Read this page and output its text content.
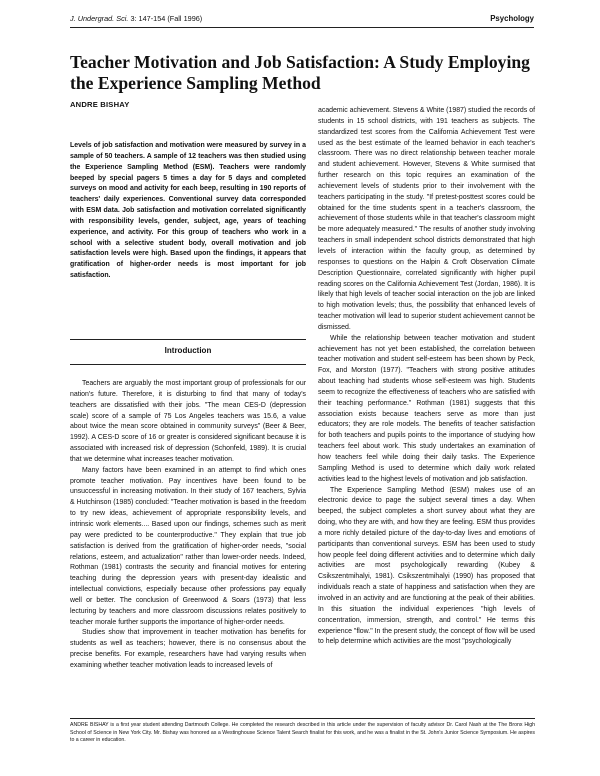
J. Undergrad. Sci. 3: 147-154 (Fall 1996)	Psychology
Teacher Motivation and Job Satisfaction: A Study Employing the Experience Sampling Method
ANDRE BISHAY

Levels of job satisfaction and motivation were measured by survey in a sample of 50 teachers. A sample of 12 teachers was then studied using the Experience Sampling Method (ESM). Teachers were randomly beeped by special pagers 5 times a day for 5 days and completed surveys on mood and activity for each beep, resulting in 190 reports of teachers' daily experiences. Conventional survey data corresponded with ESM data. Job satisfaction and motivation correlated significantly with responsibility levels, gender, subject, age, years of teaching experience, and activity. For this group of teachers who work in a school with a selective student body, overall motivation and job satisfaction levels were high. Based upon the findings, it appears that gratification of higher-order needs is most important for job satisfaction.

Introduction

Teachers are arguably the most important group of professionals for our nation's future. Therefore, it is disturbing to find that many of today's teachers are dissatisfied with their jobs. "The mean CES-D (depression scale) score of a sample of 75 Los Angeles teachers was 15.6, a value about twice the mean score obtained in community surveys" (Beer & Beer, 1992). A CES-D score of 16 or greater is considered significant because it is associated with increased risk of depression (Schonfeld, 1989). It is crucial that we determine what increases teacher motivation.

Many factors have been examined in an attempt to find which ones promote teacher motivation. Pay incentives have been found to be unsuccessful in increasing motivation. In their study of 167 teachers, Sylvia & Hutchinson (1985) concluded: "Teacher motivation is based in the freedom to try new ideas, achievement of appropriate responsibility levels, and intrinsic work elements.... Based upon our findings, schemes such as merit pay were predicted to be counterproductive." They explain that true job satisfaction is derived from the gratification of higher-order needs, "social relations, esteem, and actualization" rather than lower-order needs. Indeed, Rothman (1981) contrasts the security and financial motives for entering teaching during the depression years with present-day idealistic and intellectual convictions, especially because other professions pay equally well or better. The conclusion of Greenwood & Soars (1973) that less lecturing by teachers and more classroom discussions relates positively to teacher morale further supports the importance of higher-order needs.

Studies show that improvement in teacher motivation has benefits for students as well as teachers; however, there is no consensus about the precise benefits. For example, researchers have had varying results when examining whether teacher motivation leads to increased levels of

academic achievement. Stevens & White (1987) studied the records of students in 15 school districts, with 191 teachers as subjects. The standardized test scores from the California Achievement Test were used as the best estimate of the learned behavior in each teacher's classroom. There was no direct relationship between teacher morale and student achievement. However, Stevens & White surmised that further research on this topic requires an examination of the achievement levels of students prior to their involvement with the teachers participating in the study. "If pretest-posttest scores could be obtained for the time students spent in a teacher's classroom, the achievement of those students while in that teacher's classroom might be more adequately measured." The results of another study involving teachers in small independent school districts demonstrated that high levels of interaction within the faculty group, as determined by responses to questions on the Halpin & Croft Observation Climate Description Questionnaire, correlated significantly with higher pupil reading scores on the California Achievement Test (Jordan, 1986). It is likely that high levels of teacher social interaction on the job are linked to high motivation levels; thus, the possibility that enhanced levels of teacher motivation will lead to superior student achievement cannot be dismissed.

While the relationship between teacher motivation and student achievement has not yet been established, the correlation between teacher motivation and student self-esteem has been shown by Peck, Fox, and Morston (1977). "Teachers with strong positive attitudes about teaching had students whose self-esteem was high. Students seem to recognize the effectiveness of teachers who are satisfied with their teaching performance." Rothman (1981) suggests that this association exists because teachers serve as more than just educators; they are role models. The benefits of teacher satisfaction for both teachers and pupils points to the importance of studying how teachers feel about work. This study undertakes an examination of how teachers feel while doing their daily tasks. The Experience Sampling Method is used to determine which daily work related activities lead to the highest levels of motivation and job satisfaction.

The Experience Sampling Method (ESM) makes use of an electronic device to page the subject several times a day. When beeped, the subject completes a short survey about what they are doing, who they are with, and how they are feeling. ESM thus provides a more richly detailed picture of the day-to-day lives and emotions of participants than conventional surveys. ESM has been used to study how people feel doing different activities and to determine which daily activities are most psychologically rewarding (Kubey & Csikszentmihalyi, 1981). Csikszentmihalyi (1990) has proposed that individuals reach a state of happiness and satisfaction when they are involved in an activity and are functioning at the peak of their abilities. In this situation the individual experiences "high levels of concentration, immersion, strength, and control." He terms this experience "flow." In the present study, the concept of flow will be used to help determine which activities are the most "psychologically

ANDRE BISHAY is a first year student attending Dartmouth College. He completed the research described in this article under the supervision of faculty advisor Dr. Carol Nash at the The Bronx High School of Science in New York City. Mr. Bishay was honored as a Westinghouse Science Talent Search finalist for this work, and he was a finalist in the St. John's Junior Science Symposium. He aspires to a career in education.
